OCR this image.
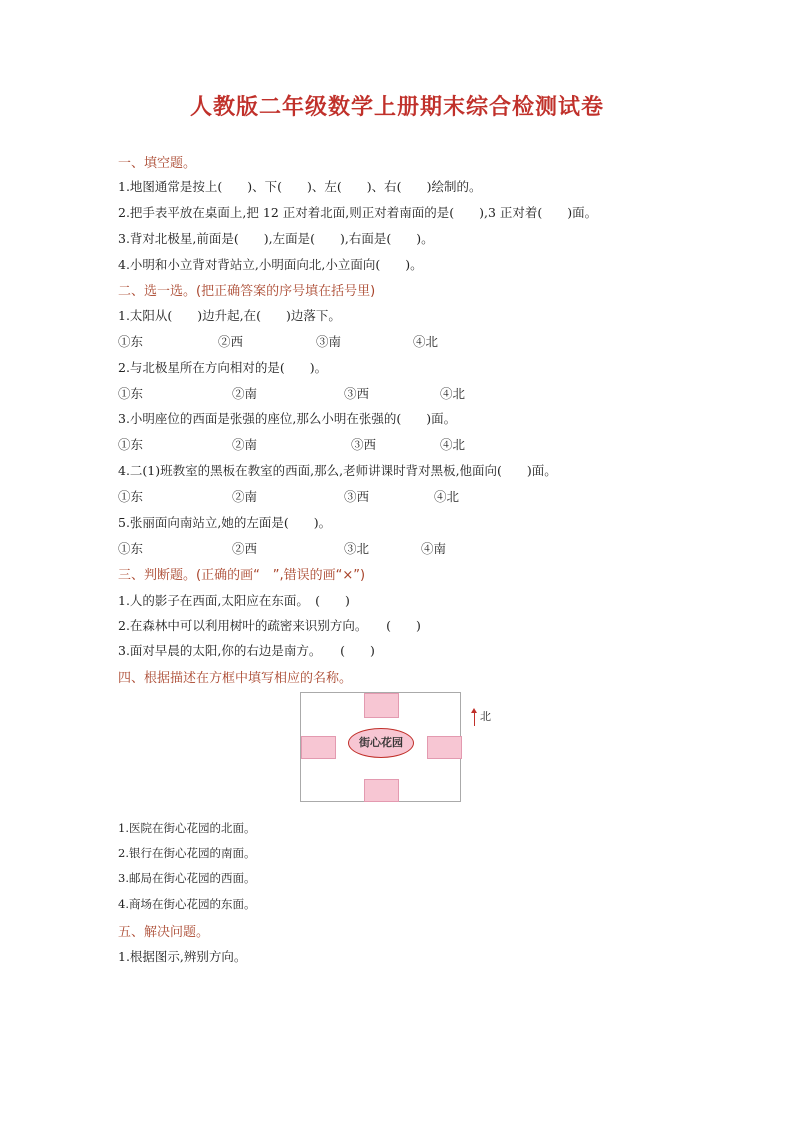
人教版二年级数学上册期末综合检测试卷
一、填空题。
1.地图通常是按上(　　)、下(　　)、左(　　)、右(　　)绘制的。
2.把手表平放在桌面上,把 12 正对着北面,则正对着南面的是(　　),3 正对着(　　)面。
3.背对北极星,前面是(　　),左面是(　　),右面是(　　)。
4.小明和小立背对背站立,小明面向北,小立面向(　　)。
二、选一选。(把正确答案的序号填在括号里)
1.太阳从(　　)边升起,在(　　)边落下。
①东	②西	③南	④北
2.与北极星所在方向相对的是(　　)。
①东	②南	③西	④北
3.小明座位的西面是张强的座位,那么小明在张强的(　　)面。
①东	②南	③西	④北
4.二(1)班教室的黑板在教室的西面,那么,老师讲课时背对黑板,他面向(　　)面。
①东	②南	③西	④北
5.张丽面向南站立,她的左面是(　　)。
①东	②西	③北	④南
三、判断题。(正确的画“　”,错误的画“×”)
1.人的影子在西面,太阳应在东面。　(　　)
2.在森林中可以利用树叶的疏密来识别方向。　　(　　)
3.面对早晨的太阳,你的右边是南方。　　(　　)
四、根据描述在方框中填写相应的名称。
街心花园
北
1.医院在街心花园的北面。
2.银行在街心花园的南面。
3.邮局在街心花园的西面。
4.商场在街心花园的东面。
五、解决问题。
1.根据图示,辨别方向。
